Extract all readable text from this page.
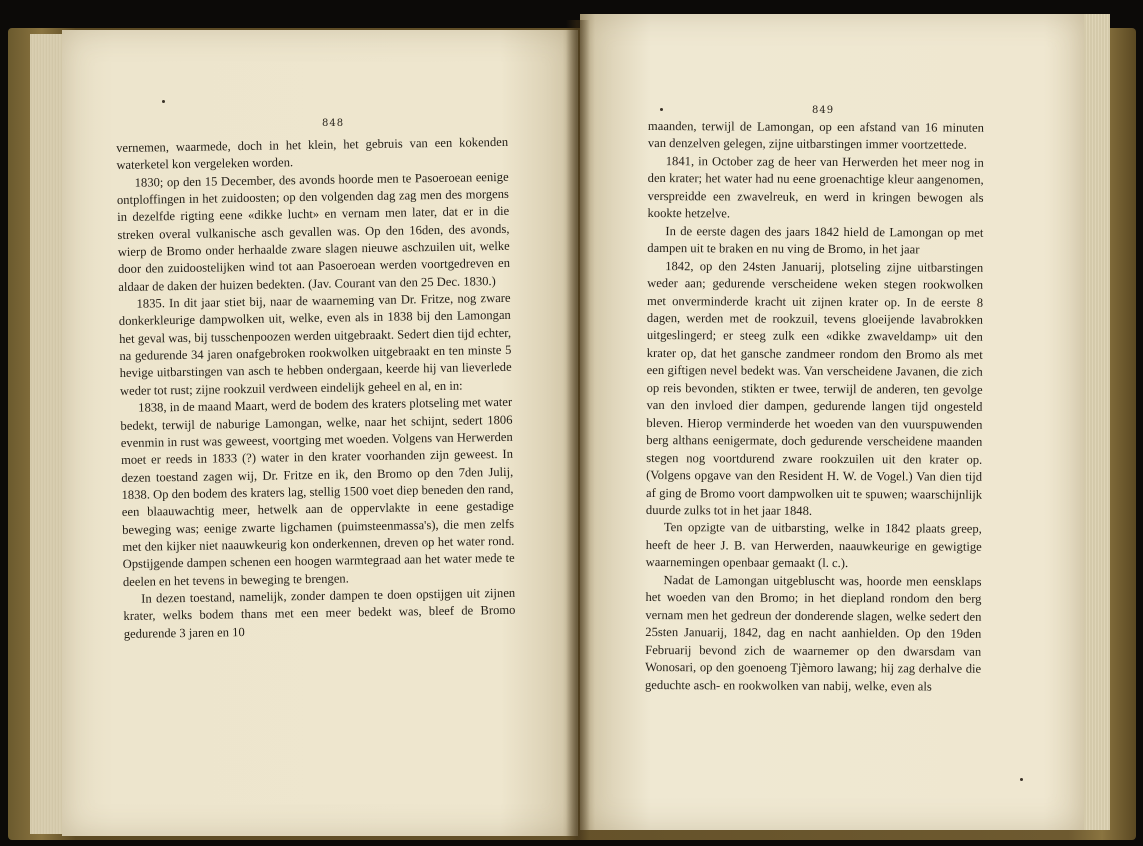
848
849

vernemen, waarmede, doch in het klein, het gebruis van een kokenden waterketel kon vergeleken worden.

1830; op den 15 December, des avonds hoorde men te Pasoeroean eenige ontploffingen in het zuidoosten; op den volgenden dag zag men des morgens in dezelfde rigting eene «dikke lucht» en vernam men later, dat er in die streken overal vulkanische asch gevallen was. Op den 16den, des avonds, wierp de Bromo onder herhaalde zware slagen nieuwe aschzuilen uit, welke door den zuidoostelijken wind tot aan Pasoeroean werden voortgedreven en aldaar de daken der huizen bedekten. (Jav. Courant van den 25 Dec. 1830.)

1835. In dit jaar stiet bij, naar de waarneming van Dr. Fritze, nog zware donkerkleurige dampwolken uit, welke, even als in 1838 bij den Lamongan het geval was, bij tusschenpoozen werden uitgebraakt. Sedert dien tijd echter, na gedurende 34 jaren onafgebroken rookwolken uitgebraakt en ten minste 5 hevige uitbarstingen van asch te hebben ondergaan, keerde hij van lieverlede weder tot rust; zijne rookzuil verdween eindelijk geheel en al, en in:

1838, in de maand Maart, werd de bodem des kraters plotseling met water bedekt, terwijl de naburige Lamongan, welke, naar het schijnt, sedert 1806 evenmin in rust was geweest, voortging met woeden. Volgens van Herwerden moet er reeds in 1833 (?) water in den krater voorhanden zijn geweest. In dezen toestand zagen wij, Dr. Fritze en ik, den Bromo op den 7den Julij, 1838. Op den bodem des kraters lag, stellig 1500 voet diep beneden den rand, een blaauwachtig meer, hetwelk aan de oppervlakte in eene gestadige beweging was; eenige zwarte ligchamen (puimsteenmassa's), die men zelfs met den kijker niet naauwkeurig kon onderkennen, dreven op het water rond. Opstijgende dampen schenen een hoogen warmtegraad aan het water mede te deelen en het tevens in beweging te brengen.

In dezen toestand, namelijk, zonder dampen te doen opstijgen uit zijnen krater, welks bodem thans met een meer bedekt was, bleef de Bromo gedurende 3 jaren en 10

maanden, terwijl de Lamongan, op een afstand van 16 minuten van denzelven gelegen, zijne uitbarstingen immer voortzettede.

1841, in October zag de heer van Herwerden het meer nog in den krater; het water had nu eene groenachtige kleur aangenomen, verspreidde een zwavelreuk, en werd in kringen bewogen als kookte hetzelve.

In de eerste dagen des jaars 1842 hield de Lamongan op met dampen uit te braken en nu ving de Bromo, in het jaar

1842, op den 24sten Januarij, plotseling zijne uitbarstingen weder aan; gedurende verscheidene weken stegen rookwolken met onverminderde kracht uit zijnen krater op. In de eerste 8 dagen, werden met de rookzuil, tevens gloeijende lavabrokken uitgeslingerd; er steeg zulk een «dikke zwaveldamp» uit den krater op, dat het gansche zandmeer rondom den Bromo als met een giftigen nevel bedekt was. Van verscheidene Javanen, die zich op reis bevonden, stikten er twee, terwijl de anderen, ten gevolge van den invloed dier dampen, gedurende langen tijd ongesteld bleven. Hierop verminderde het woeden van den vuurspuwenden berg althans eenigermate, doch gedurende verscheidene maanden stegen nog voortdurend zware rookzuilen uit den krater op. (Volgens opgave van den Resident H. W. de Vogel.) Van dien tijd af ging de Bromo voort dampwolken uit te spuwen; waarschijnlijk duurde zulks tot in het jaar 1848.

Ten opzigte van de uitbarsting, welke in 1842 plaats greep, heeft de heer J. B. van Herwerden, naauwkeurige en gewigtige waarnemingen openbaar gemaakt (l. c.).

Nadat de Lamongan uitgebluscht was, hoorde men eensklaps het woeden van den Bromo; in het diepland rondom den berg vernam men het gedreun der donderende slagen, welke sedert den 25sten Januarij, 1842, dag en nacht aanhielden. Op den 19den Februarij bevond zich de waarnemer op den dwarsdam van Wonosari, op den goenoeng Tjèmoro lawang; hij zag derhalve die geduchte asch- en rookwolken van nabij, welke, even als
